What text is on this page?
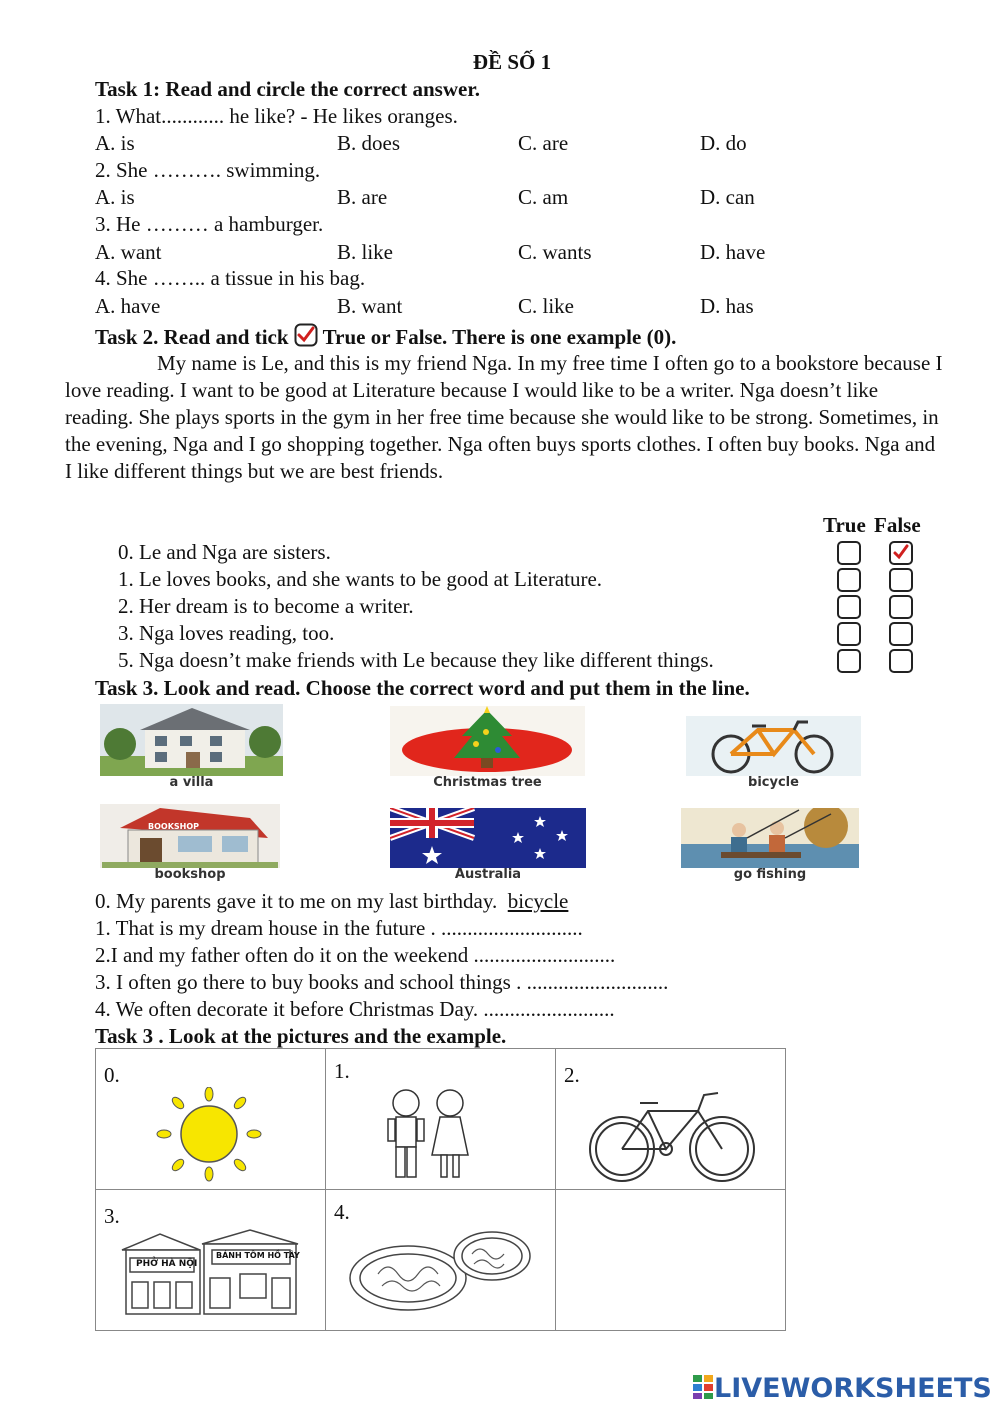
ĐỀ SỐ 1
Task 1: Read and circle the correct answer.
1. What............ he like? - He likes oranges.
A. is	B. does	C. are	D. do
2. She ………. swimming.
A. is	B. are	C. am	D. can
3. He ……… a hamburger.
A. want	B. like	C. wants	D. have
4. She …….. a tissue in his bag.
A. have	B. want	C. like	D. has
Task 2. Read and tick True or False. There is one example (0).
My name is Le, and this is my friend Nga. In my free time I often go to a bookstore because I love reading. I want to be good at Literature because I would like to be a writer. Nga doesn’t like reading. She plays sports in the gym in her free time because she would like to be strong. Sometimes, in the evening, Nga and I go shopping together. Nga often buys sports clothes. I often buy books. Nga and I like different things but we are best friends.
True False
0. Le and Nga are sisters.
1. Le loves books, and she wants to be good at Literature.
2. Her dream is to become a writer.
3. Nga loves reading, too.
5. Nga doesn’t make friends with Le because they like different things.
Task 3. Look and read. Choose the correct word and put them in the line.
a villa	Christmas tree	bicycle
BOOKSHOP
bookshop	Australia	go fishing
0. My parents gave it to me on my last birthday. bicycle
1. That is my dream house in the future . ...........................
2.I and my father often do it on the weekend ...........................
3. I often go there to buy books and school things . ...........................
4. We often decorate it before Christmas Day. .........................
Task 3 . Look at the pictures and the example.
0.	1.	2.

3.
PHỞ HÀ NỘI
BÁNH TÔM HỒ TÂY	4.	

LIVEWORKSHEETS
